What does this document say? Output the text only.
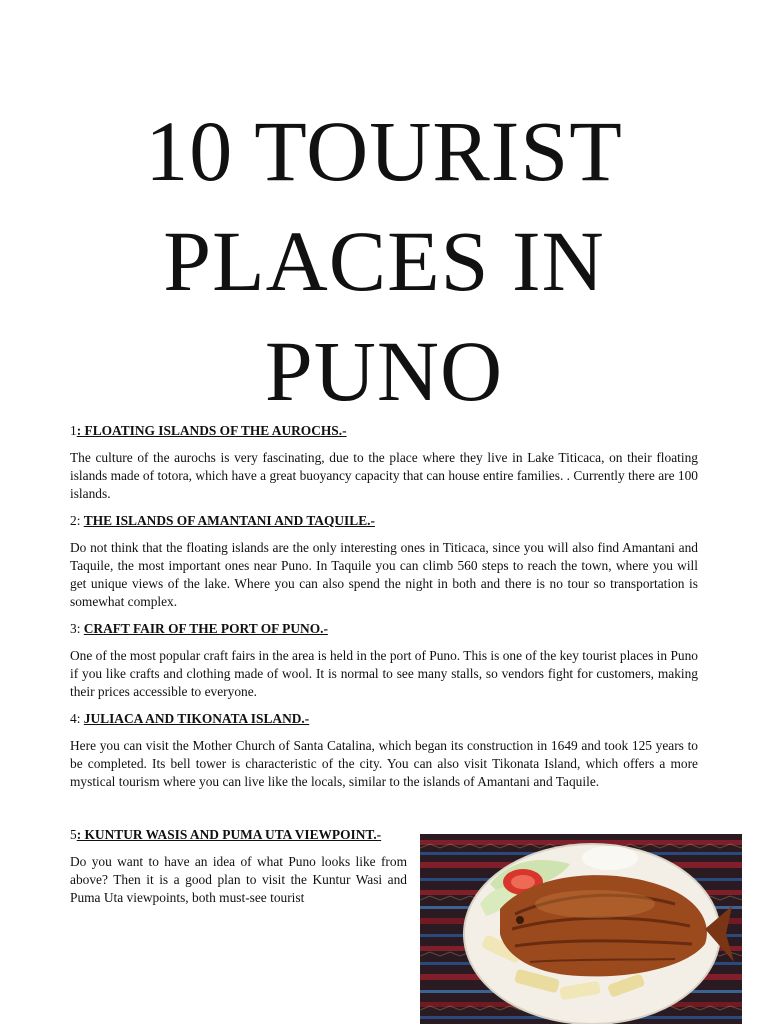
10 TOURIST
PLACES IN
PUNO
1: FLOATING ISLANDS OF THE AUROCHS.-

The culture of the aurochs is very fascinating, due to the place where they live in Lake Titicaca, on their floating islands made of totora, which have a great buoyancy capacity that can house entire families. . Currently there are 100 islands.

2: THE ISLANDS OF AMANTANI AND TAQUILE.-

Do not think that the floating islands are the only interesting ones in Titicaca, since you will also find Amantani and Taquile, the most important ones near Puno. In Taquile you can climb 560 steps to reach the town, where you will get unique views of the lake. Where you can also spend the night in both and there is no tour so transportation is somewhat complex.

3: CRAFT FAIR OF THE PORT OF PUNO.-

One of the most popular craft fairs in the area is held in the port of Puno. This is one of the key tourist places in Puno if you like crafts and clothing made of wool. It is normal to see many stalls, so vendors fight for customers, making their prices accessible to everyone.

4: JULIACA AND TIKONATA ISLAND.-

Here you can visit the Mother Church of Santa Catalina, which began its construction in 1649 and took 125 years to be completed. Its bell tower is characteristic of the city. You can also visit Tikonata Island, which offers a more mystical tourism where you can live like the locals, similar to the islands of Amantani and Taquile.

5: KUNTUR WASIS AND PUMA UTA VIEWPOINT.-

Do you want to have an idea of what Puno looks like from above? Then it is a good plan to visit the Kuntur Wasi and Puma Uta viewpoints, both must-see tourist
